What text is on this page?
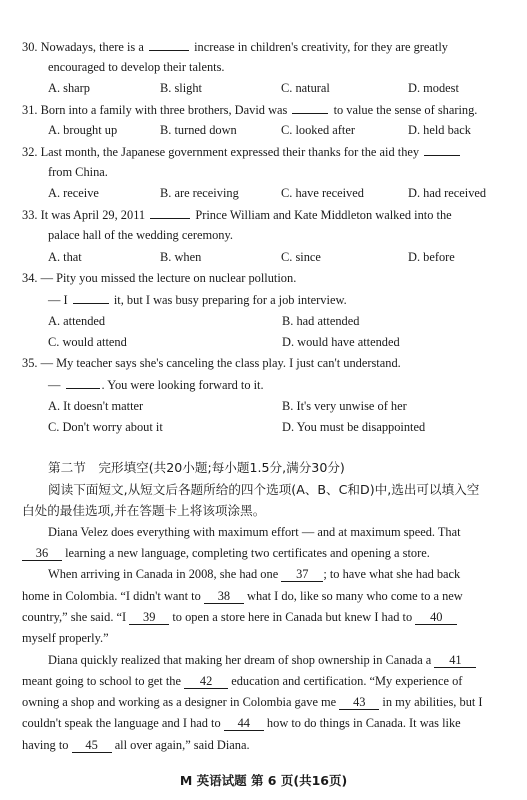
30. Nowadays, there is a	increase in children's creativity, for they are greatly
encouraged to develop their talents.
A. sharp	B. slight	C. natural	D. modest
31. Born into a family with three brothers, David was	to value the sense of sharing.
A. brought up	B. turned down	C. looked after	D. held back
32. Last month, the Japanese government expressed their thanks for the aid they
from China.
A. receive	B. are receiving	C. have received	D. had received
33. It was April 29, 2011	Prince William and Kate Middleton walked into the
palace hall of the wedding ceremony.
A. that	B. when	C. since	D. before
34. — Pity you missed the lecture on nuclear pollution.
— I	it, but I was busy preparing for a job interview.
A. attended	B. had attended
C. would attend	D. would have attended
35. — My teacher says she's canceling the class play. I just can't understand.
—	. You were looking forward to it.
A. It doesn't matter	B. It's very unwise of her
C. Don't worry about it	D. You must be disappointed
第二节　完形填空(共20小题;每小题1.5分,满分30分)
阅读下面短文,从短文后各题所给的四个选项(A、B、C和D)中,选出可以填入空
白处的最佳选项,并在答题卡上将该项涂黑。
Diana Velez does everything with maximum effort — and at maximum speed. That
36 learning a new language, completing two certificates and opening a store.
When arriving in Canada in 2008, she had one 37 ; to have what she had back
home in Colombia. “I didn't want to 38 what I do, like so many who come to a new
country,” she said. “I 39 to open a store here in Canada but knew I had to 40
myself properly.”
Diana quickly realized that making her dream of shop ownership in Canada a 41
meant going to school to get the 42 education and certification. “My experience of
owning a shop and working as a designer in Colombia gave me 43 in my abilities, but I
couldn't speak the language and I had to 44 how to do things in Canada. It was like
having to 45 all over again,” said Diana.
M 英语试题 第 6 页(共16页)
